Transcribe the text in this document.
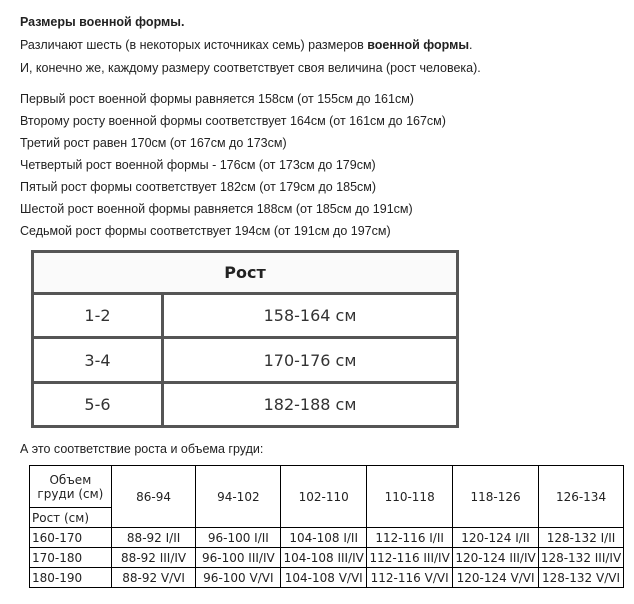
Размеры военной формы.
Различают шесть (в некоторых источниках семь) размеров военной формы.
И, конечно же, каждому размеру соответствует своя величина (рост человека).
Первый рост военной формы равняется 158см (от 155см до 161см)
Второму росту военной формы соответствует 164см (от 161см до 167см)
Третий рост равен 170см (от 167см до 173см)
Четвертый рост военной формы - 176см (от 173см до 179см)
Пятый рост формы соответствует 182см (от 179см до 185см)
Шестой рост военной формы равняется 188см (от 185см до 191см)
Седьмой рост формы соответствует 194см (от 191см до 197см)
Рост	
1-2	158-164 см
3-4	170-176 см
5-6	182-188 см
А это соответствие роста и объема груди:
Объем
груди (см)	86-94	94-102	102-110	110-118	118-126	126-134
Рост (см)						
160-170	88-92 I/II	96-100 I/II	104-108 I/II	112-116 I/II	120-124 I/II	128-132 I/II
170-180	88-92 III/IV	96-100 III/IV	104-108 III/IV	112-116 III/IV	120-124 III/IV	128-132 III/IV
180-190	88-92 V/VI	96-100 V/VI	104-108 V/VI	112-116 V/VI	120-124 V/VI	128-132 V/VI
